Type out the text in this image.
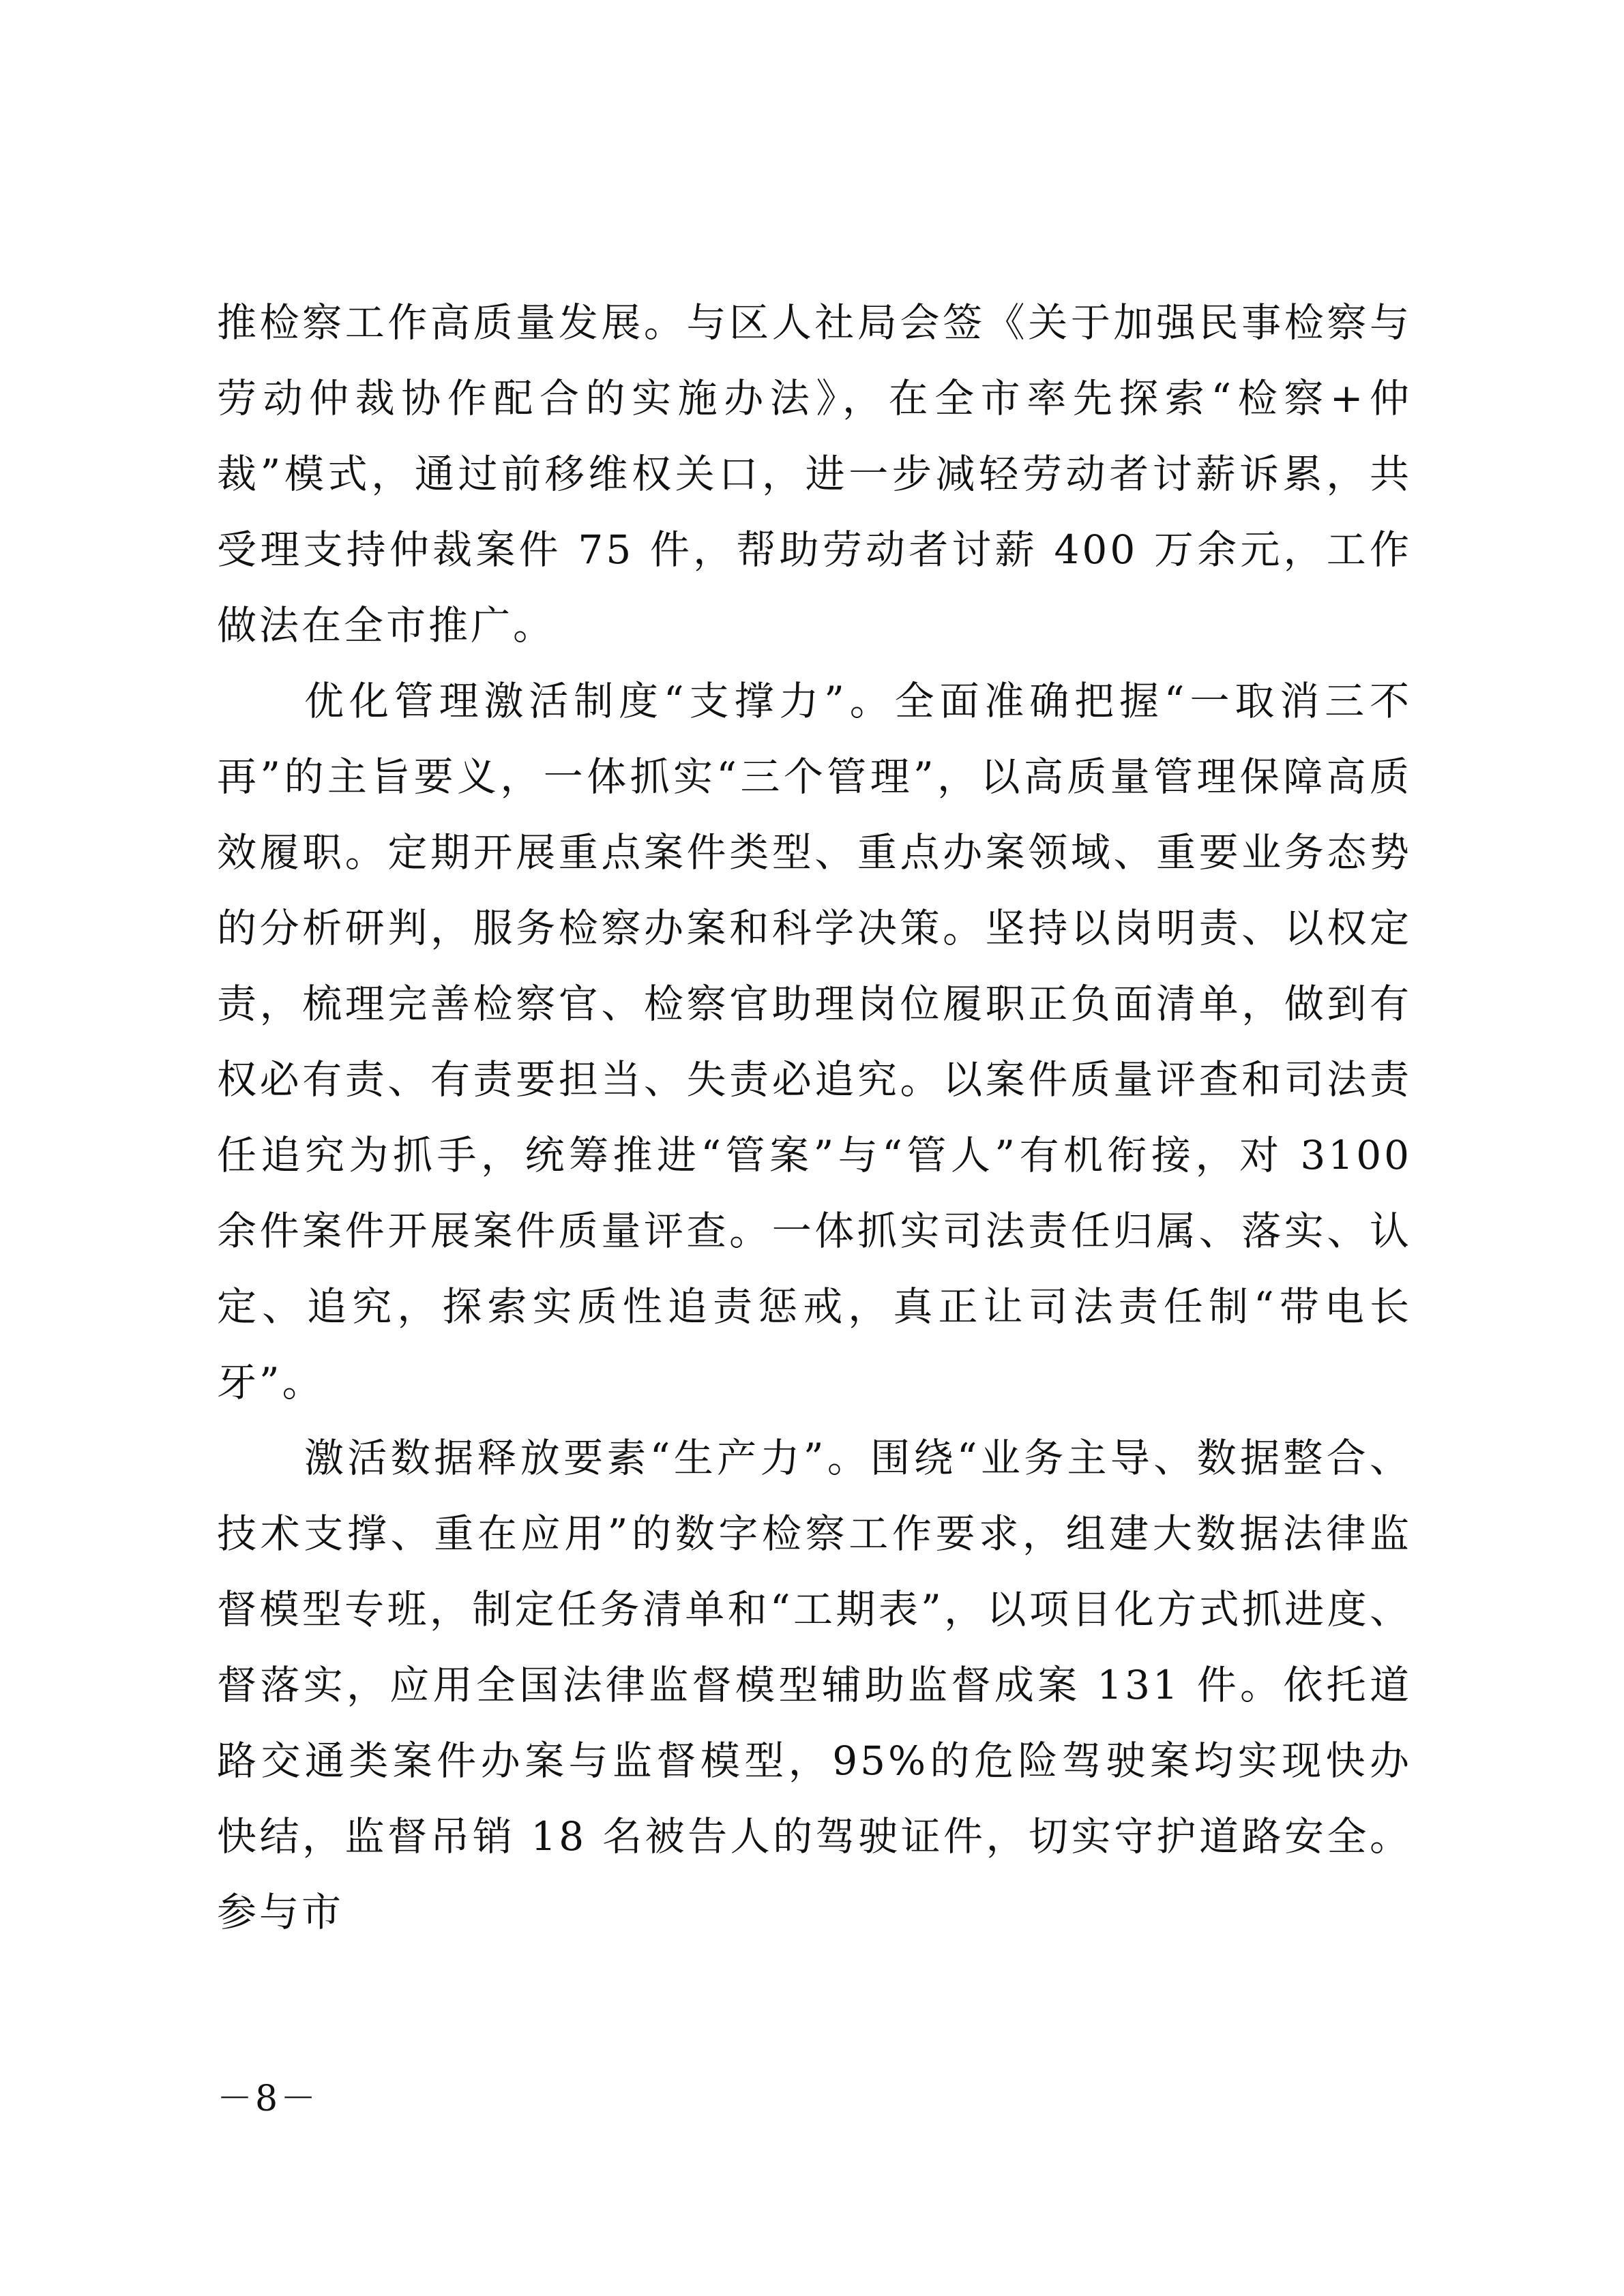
推检察工作高质量发展。与区人社局会签《关于加强民事检察与劳动仲裁协作配合的实施办法》，在全市率先探索“检察+仲裁”模式，通过前移维权关口，进一步减轻劳动者讨薪诉累，共受理支持仲裁案件 75 件，帮助劳动者讨薪 400 万余元，工作做法在全市推广。

优化管理激活制度“支撑力”。全面准确把握“一取消三不再”的主旨要义，一体抓实“三个管理”，以高质量管理保障高质效履职。定期开展重点案件类型、重点办案领域、重要业务态势的分析研判，服务检察办案和科学决策。坚持以岗明责、以权定责，梳理完善检察官、检察官助理岗位履职正负面清单，做到有权必有责、有责要担当、失责必追究。以案件质量评查和司法责任追究为抓手，统筹推进“管案”与“管人”有机衔接，对 3100 余件案件开展案件质量评查。一体抓实司法责任归属、落实、认定、追究，探索实质性追责惩戒，真正让司法责任制“带电长牙”。

激活数据释放要素“生产力”。围绕“业务主导、数据整合、技术支撑、重在应用”的数字检察工作要求，组建大数据法律监督模型专班，制定任务清单和“工期表”，以项目化方式抓进度、督落实，应用全国法律监督模型辅助监督成案 131 件。依托道路交通类案件办案与监督模型，95%的危险驾驶案均实现快办快结，监督吊销 18 名被告人的驾驶证件，切实守护道路安全。参与市

－8－
